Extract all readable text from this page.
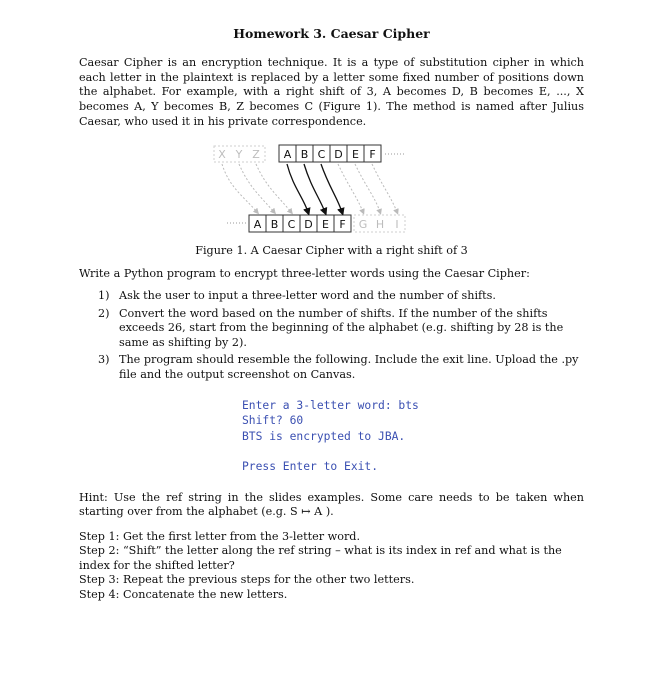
Homework 3. Caesar Cipher

Caesar Cipher is an encryption technique. It is a type of substitution cipher in which each letter in the plaintext is replaced by a letter some fixed number of positions down the alphabet. For example, with a right shift of 3, A becomes D, B becomes E, ..., X becomes A, Y becomes B, Z becomes C (Figure 1). The method is named after Julius Caesar, who used it in his private correspondence.

X Y Z A B C D E F
A B C D E F G H I
Figure 1. A Caesar Cipher with a right shift of 3

Write a Python program to encrypt three-letter words using the Caesar Cipher:

1) Ask the user to input a three-letter word and the number of shifts.
2) Convert the word based on the number of shifts. If the number of the shifts exceeds 26, start from the beginning of the alphabet (e.g. shifting by 28 is the same as shifting by 2).
3) The program should resemble the following. Include the exit line. Upload the .py file and the output screenshot on Canvas.
Enter a 3-letter word: bts
Shift? 60
BTS is encrypted to JBA.
Press Enter to Exit.

Hint: Use the ref string in the slides examples. Some care needs to be taken when starting over from the alphabet (e.g. S ↦ A ).

Step 1: Get the first letter from the 3-letter word.

Step 2: “Shift” the letter along the ref string – what is its index in ref and what is the index for the shifted letter?

Step 3: Repeat the previous steps for the other two letters.

Step 4: Concatenate the new letters.
